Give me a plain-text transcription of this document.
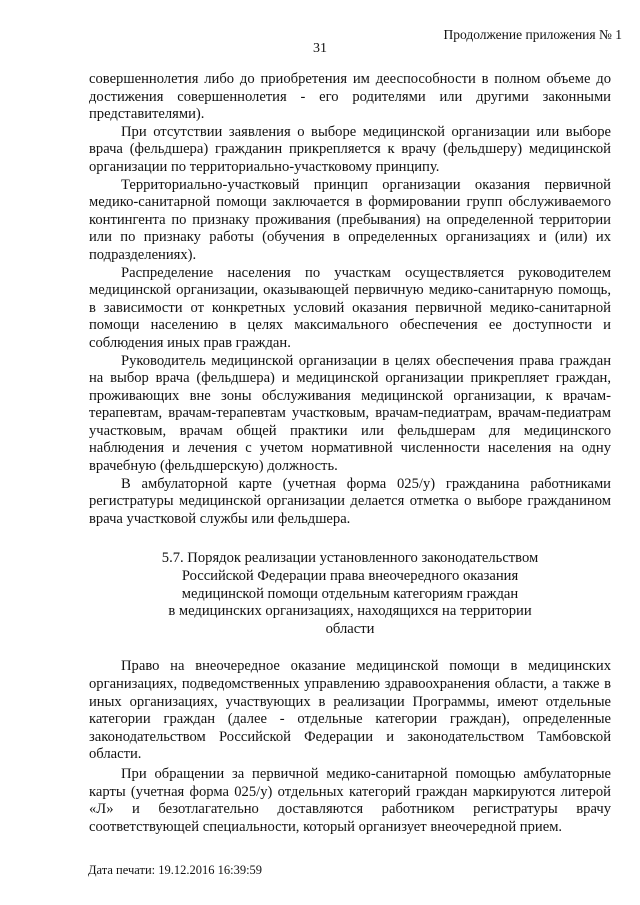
Продолжение приложения № 1
31

совершеннолетия либо до приобретения им дееспособности в полном объеме до достижения совершеннолетия - его родителями или другими законными представителями).

При отсутствии заявления о выборе медицинской организации или выборе врача (фельдшера) гражданин прикрепляется к врачу (фельдшеру) медицинской организации по территориально-участковому принципу.

Территориально-участковый принцип организации оказания первичной медико-санитарной помощи заключается в формировании групп обслуживаемого контингента по признаку проживания (пребывания) на определенной территории или по признаку работы (обучения в определенных организациях и (или) их подразделениях).

Распределение населения по участкам осуществляется руководителем медицинской организации, оказывающей первичную медико-санитарную помощь, в зависимости от конкретных условий оказания первичной медико-санитарной помощи населению в целях максимального обеспечения ее доступности и соблюдения иных прав граждан.

Руководитель медицинской организации в целях обеспечения права граждан на выбор врача (фельдшера) и медицинской организации прикрепляет граждан, проживающих вне зоны обслуживания медицинской организации, к врачам-терапевтам, врачам-терапевтам участковым, врачам-педиатрам, врачам-педиатрам участковым, врачам общей практики или фельдшерам для медицинского наблюдения и лечения с учетом нормативной численности населения на одну врачебную (фельдшерскую) должность.

В амбулаторной карте (учетная форма 025/у) гражданина работниками регистратуры медицинской организации делается отметка о выборе гражданином врача участковой службы или фельдшера.

5.7. Порядок реализации установленного законодательством
Российской Федерации права внеочередного оказания
медицинской помощи отдельным категориям граждан
в медицинских организациях, находящихся на территории
области

Право на внеочередное оказание медицинской помощи в медицинских организациях, подведомственных управлению здравоохранения области, а также в иных организациях, участвующих в реализации Программы, имеют отдельные категории граждан (далее - отдельные категории граждан), определенные законодательством Российской Федерации и законодательством Тамбовской области.

При обращении за первичной медико-санитарной помощью амбулаторные карты (учетная форма 025/у) отдельных категорий граждан маркируются литерой «Л» и безотлагательно доставляются работником регистратуры врачу соответствующей специальности, который организует внеочередной прием.

Дата печати: 19.12.2016 16:39:59
